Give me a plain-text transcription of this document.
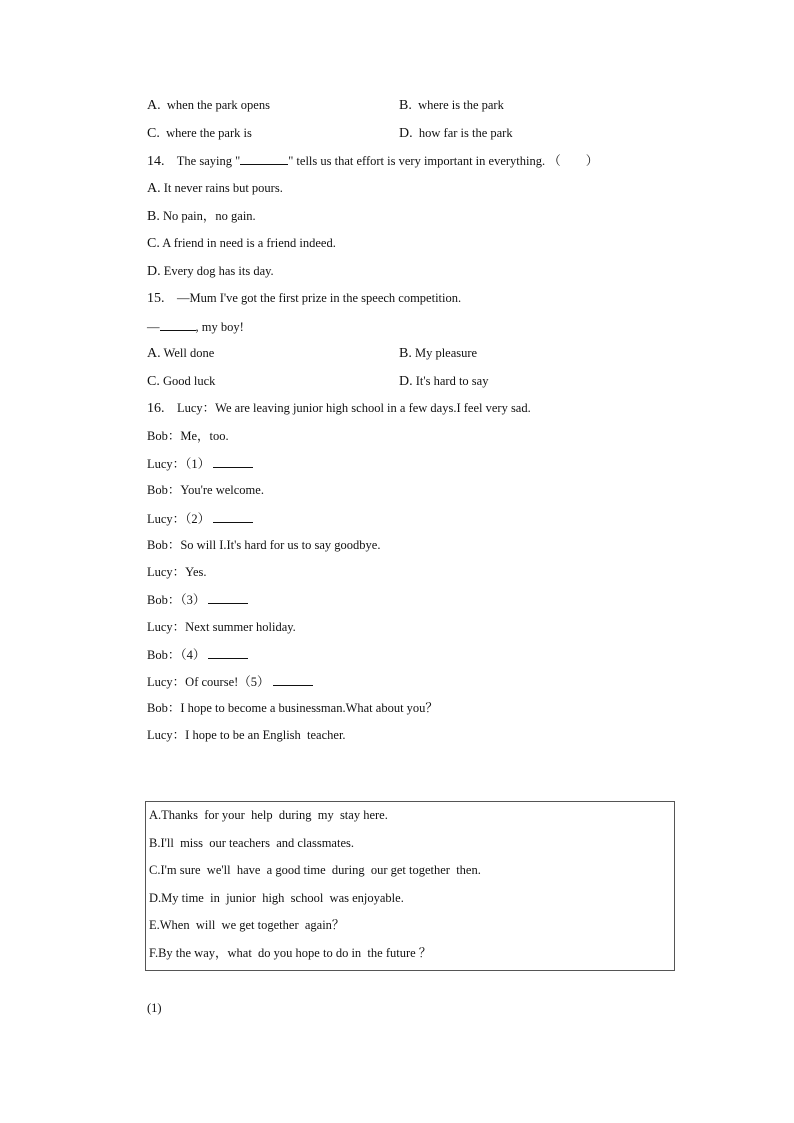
A. when the park opens	B. where is the park
C. where the park is	D. how far is the park
14. The saying "	" tells us that effort is very important in everything. （　　）
A. It never rains but pours.
B. No pain，no gain.
C. A friend in need is a friend indeed.
D. Every dog has its day.
15. —Mum I've got the first prize in the speech competition.
—	, my boy!
A. Well done	B. My pleasure
C. Good luck	D. It's hard to say
16. Lucy：We are leaving junior high school in a few days.I feel very sad.
Bob：Me，too.
Lucy：（1）
Bob：You're welcome.
Lucy：（2）
Bob：So will I.It's hard for us to say goodbye.
Lucy：Yes.
Bob：（3）
Lucy：Next summer holiday.
Bob：（4）
Lucy：Of course!（5）
Bob：I hope to become a businessman.What about you？
Lucy：I hope to be an English  teacher.
A.Thanks  for your  help  during  my  stay here.
B.I'll  miss  our teachers  and classmates.
C.I'm sure  we'll  have  a good time  during  our get together  then.
D.My time  in  junior  high  school  was enjoyable.
E.When  will  we get together  again？
F.By the way，what  do you hope to do in  the future ？
(1)
